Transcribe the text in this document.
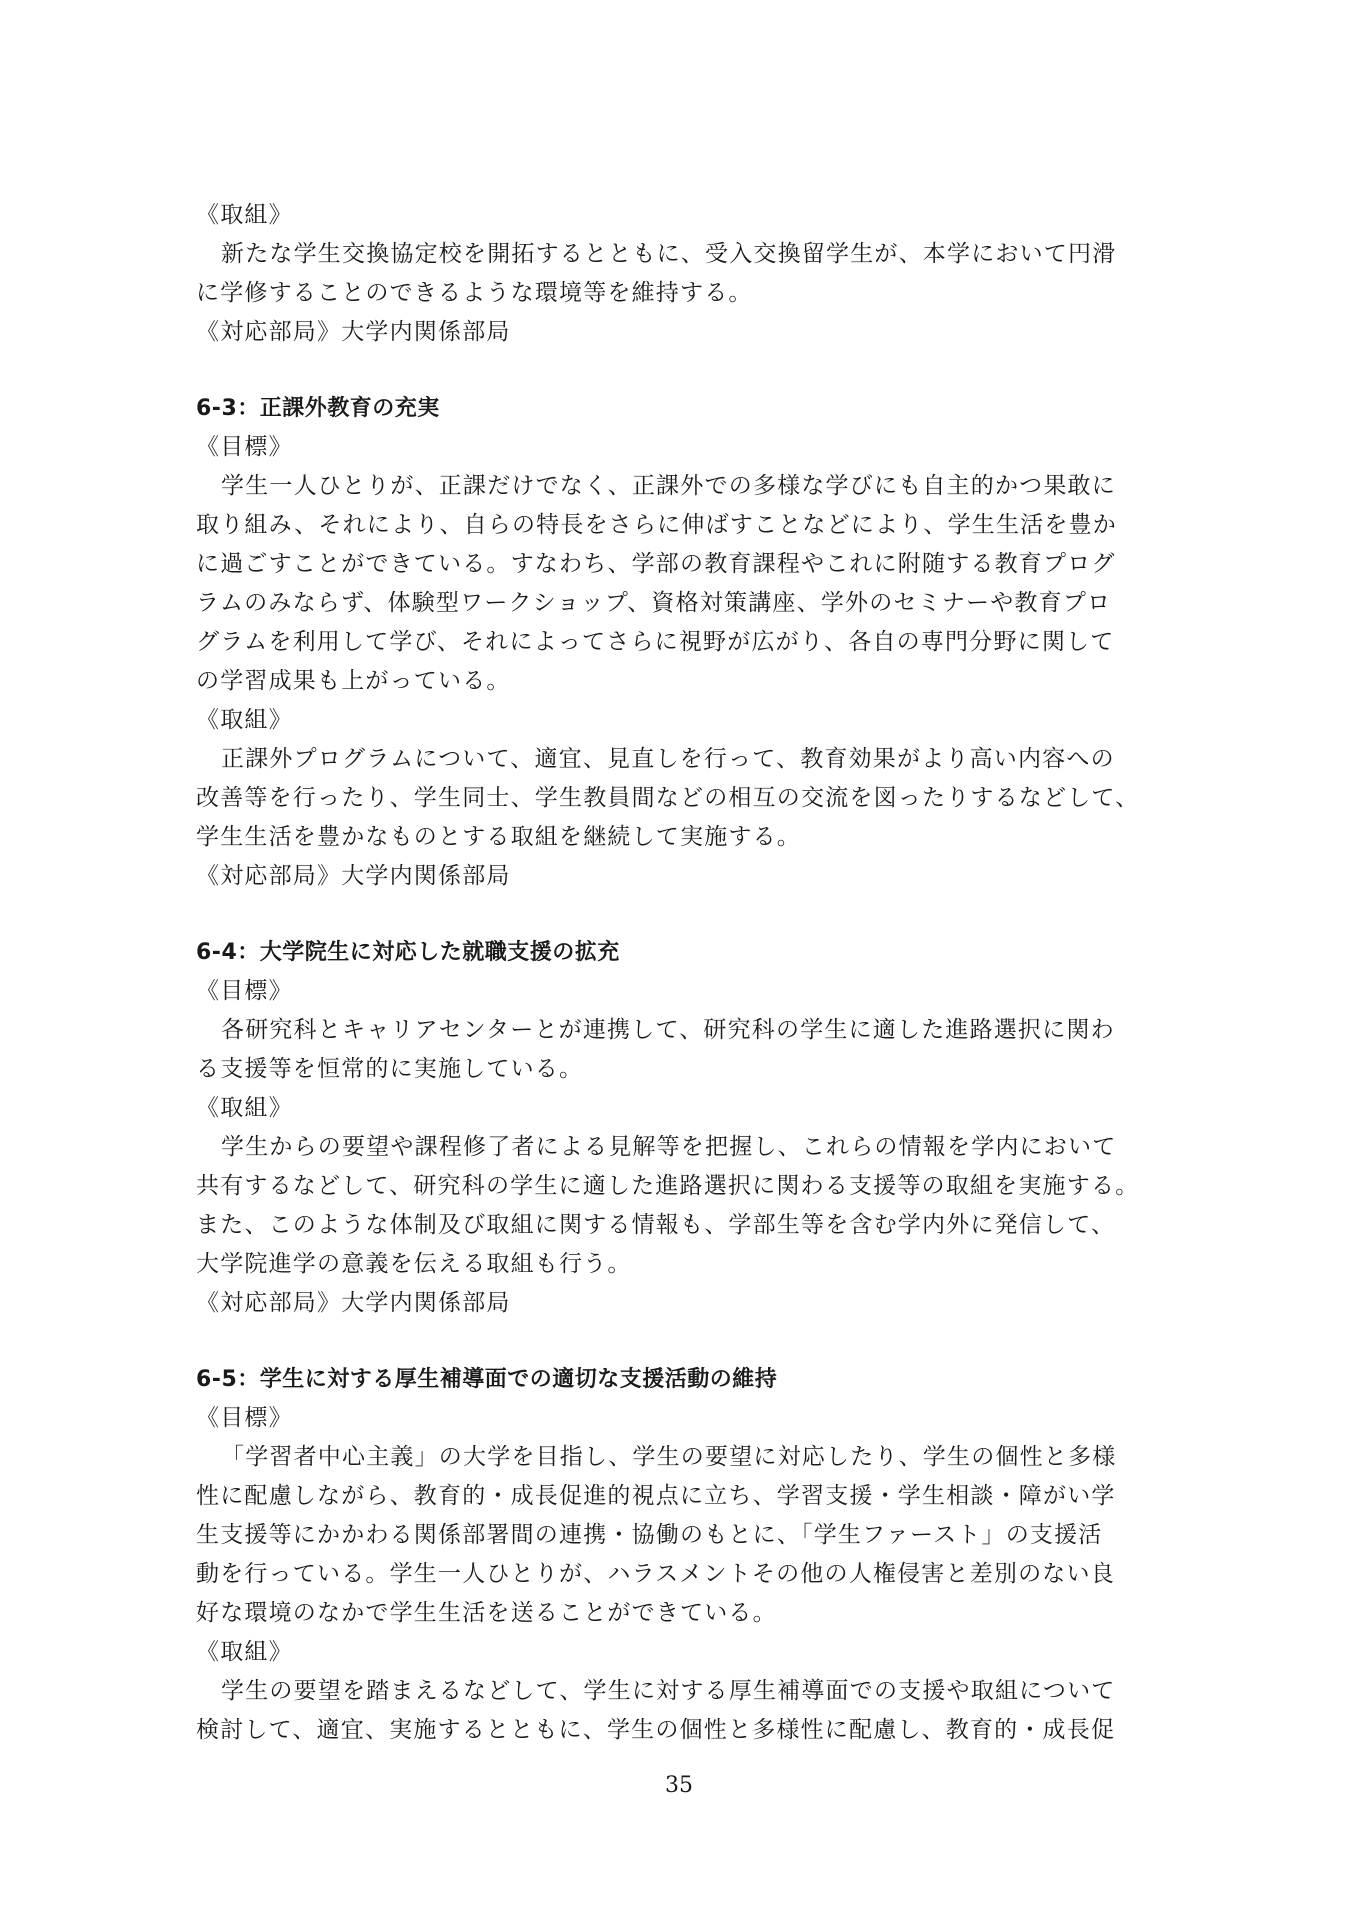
《取組》
新たな学生交換協定校を開拓するとともに、受入交換留学生が、本学において円滑
に学修することのできるような環境等を維持する。
《対応部局》大学内関係部局
6-3：正課外教育の充実
《目標》
学生一人ひとりが、正課だけでなく、正課外での多様な学びにも自主的かつ果敢に
取り組み、それにより、自らの特長をさらに伸ばすことなどにより、学生生活を豊か
に過ごすことができている。すなわち、学部の教育課程やこれに附随する教育プログ
ラムのみならず、体験型ワークショップ、資格対策講座、学外のセミナーや教育プロ
グラムを利用して学び、それによってさらに視野が広がり、各自の専門分野に関して
の学習成果も上がっている。
《取組》
正課外プログラムについて、適宜、見直しを行って、教育効果がより高い内容への
改善等を行ったり、学生同士、学生教員間などの相互の交流を図ったりするなどして、
学生生活を豊かなものとする取組を継続して実施する。
《対応部局》大学内関係部局
6-4：大学院生に対応した就職支援の拡充
《目標》
各研究科とキャリアセンターとが連携して、研究科の学生に適した進路選択に関わ
る支援等を恒常的に実施している。
《取組》
学生からの要望や課程修了者による見解等を把握し、これらの情報を学内において
共有するなどして、研究科の学生に適した進路選択に関わる支援等の取組を実施する。
また、このような体制及び取組に関する情報も、学部生等を含む学内外に発信して、
大学院進学の意義を伝える取組も行う。
《対応部局》大学内関係部局
6-5：学生に対する厚生補導面での適切な支援活動の維持
《目標》
「学習者中心主義」の大学を目指し、学生の要望に対応したり、学生の個性と多様
性に配慮しながら、教育的・成長促進的視点に立ち、学習支援・学生相談・障がい学
生支援等にかかわる関係部署間の連携・協働のもとに、「学生ファースト」の支援活
動を行っている。学生一人ひとりが、ハラスメントその他の人権侵害と差別のない良
好な環境のなかで学生生活を送ることができている。
《取組》
学生の要望を踏まえるなどして、学生に対する厚生補導面での支援や取組について
検討して、適宜、実施するとともに、学生の個性と多様性に配慮し、教育的・成長促
35
